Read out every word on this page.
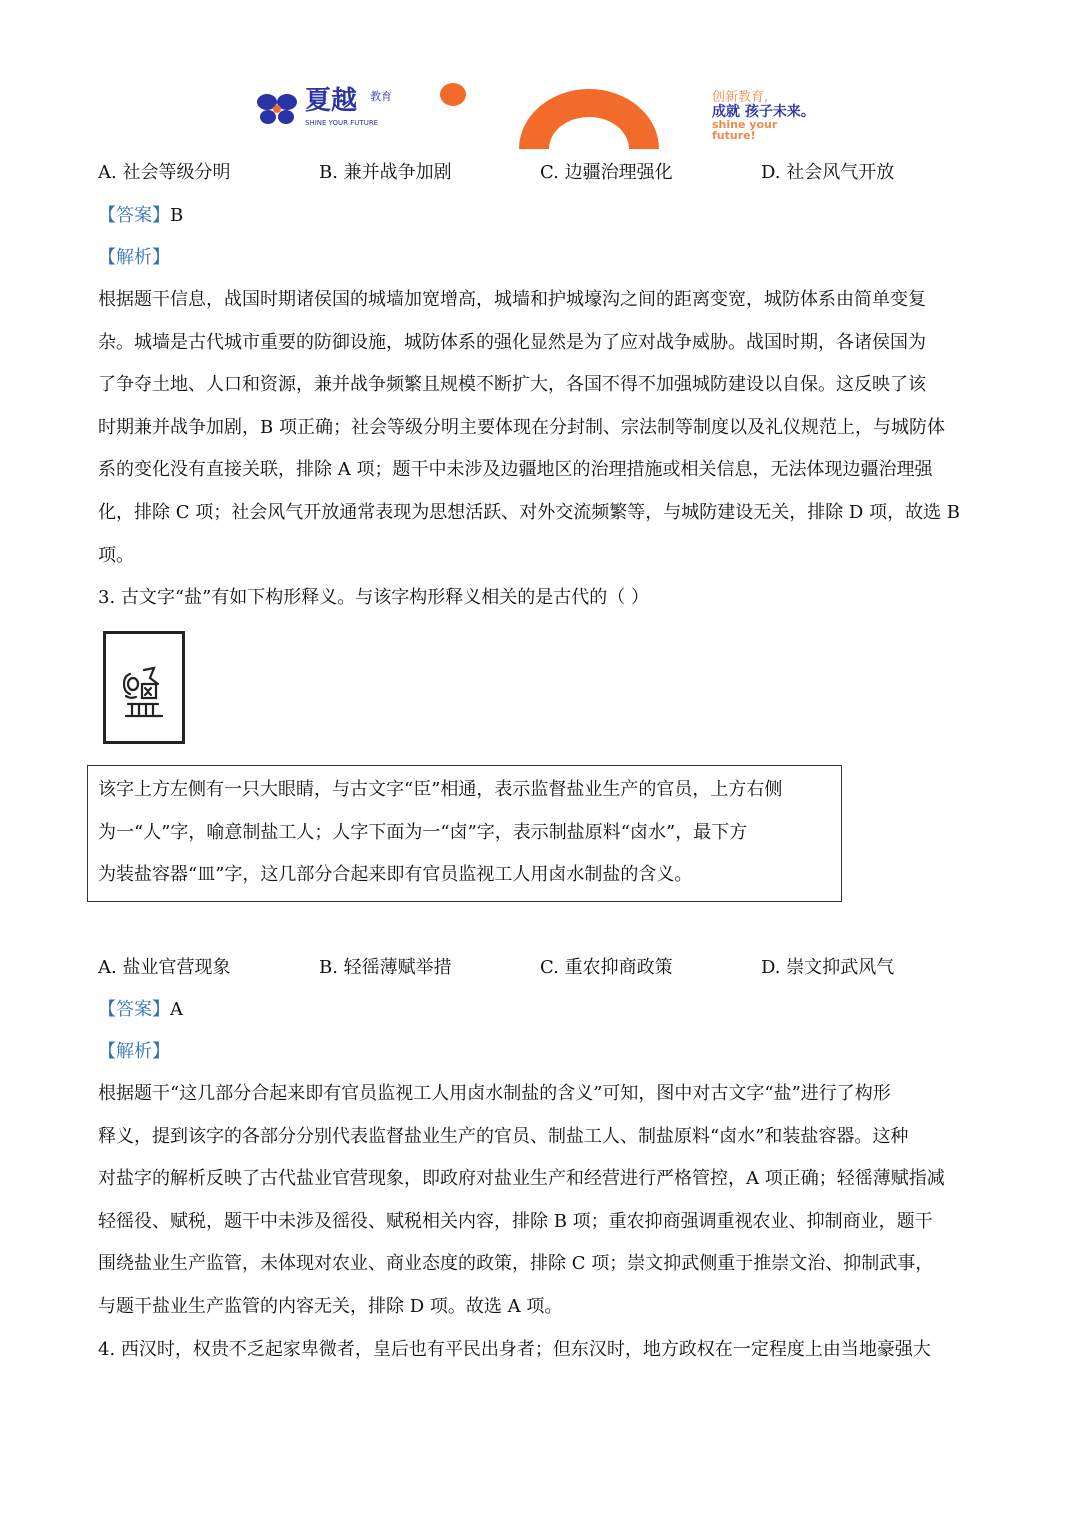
夏越 教育
SHINE YOUR FUTURE
创新教育,
成就 孩子未来。
shine your future!
A. 社会等级分明	B. 兼并战争加剧	C. 边疆治理强化	D. 社会风气开放
【答案】B
【解析】
根据题干信息，战国时期诸侯国的城墙加宽增高，城墙和护城壕沟之间的距离变宽，城防体系由简单变复
杂。城墙是古代城市重要的防御设施，城防体系的强化显然是为了应对战争威胁。战国时期，各诸侯国为
了争夺土地、人口和资源，兼并战争频繁且规模不断扩大，各国不得不加强城防建设以自保。这反映了该
时期兼并战争加剧，B 项正确；社会等级分明主要体现在分封制、宗法制等制度以及礼仪规范上，与城防体
系的变化没有直接关联，排除 A 项；题干中未涉及边疆地区的治理措施或相关信息，无法体现边疆治理强
化，排除 C 项；社会风气开放通常表现为思想活跃、对外交流频繁等，与城防建设无关，排除 D 项，故选 B
项。
3. 古文字“盐”有如下构形释义。与该字构形释义相关的是古代的（ ）
该字上方左侧有一只大眼睛，与古文字“臣”相通，表示监督盐业生产的官员，上方右侧
为一“人”字，喻意制盐工人；人字下面为一“卤”字，表示制盐原料“卤水”，最下方
为装盐容器“皿”字，这几部分合起来即有官员监视工人用卤水制盐的含义。
A. 盐业官营现象	B. 轻徭薄赋举措	C. 重农抑商政策	D. 崇文抑武风气
【答案】A
【解析】
根据题干“这几部分合起来即有官员监视工人用卤水制盐的含义”可知，图中对古文字“盐”进行了构形
释义，提到该字的各部分分别代表监督盐业生产的官员、制盐工人、制盐原料“卤水”和装盐容器。这种
对盐字的解析反映了古代盐业官营现象，即政府对盐业生产和经营进行严格管控，A 项正确；轻徭薄赋指减
轻徭役、赋税，题干中未涉及徭役、赋税相关内容，排除 B 项；重农抑商强调重视农业、抑制商业，题干
围绕盐业生产监管，未体现对农业、商业态度的政策，排除 C 项；崇文抑武侧重于推崇文治、抑制武事，
与题干盐业生产监管的内容无关，排除 D 项。故选 A 项。
4. 西汉时，权贵不乏起家卑微者，皇后也有平民出身者；但东汉时，地方政权在一定程度上由当地豪强大
